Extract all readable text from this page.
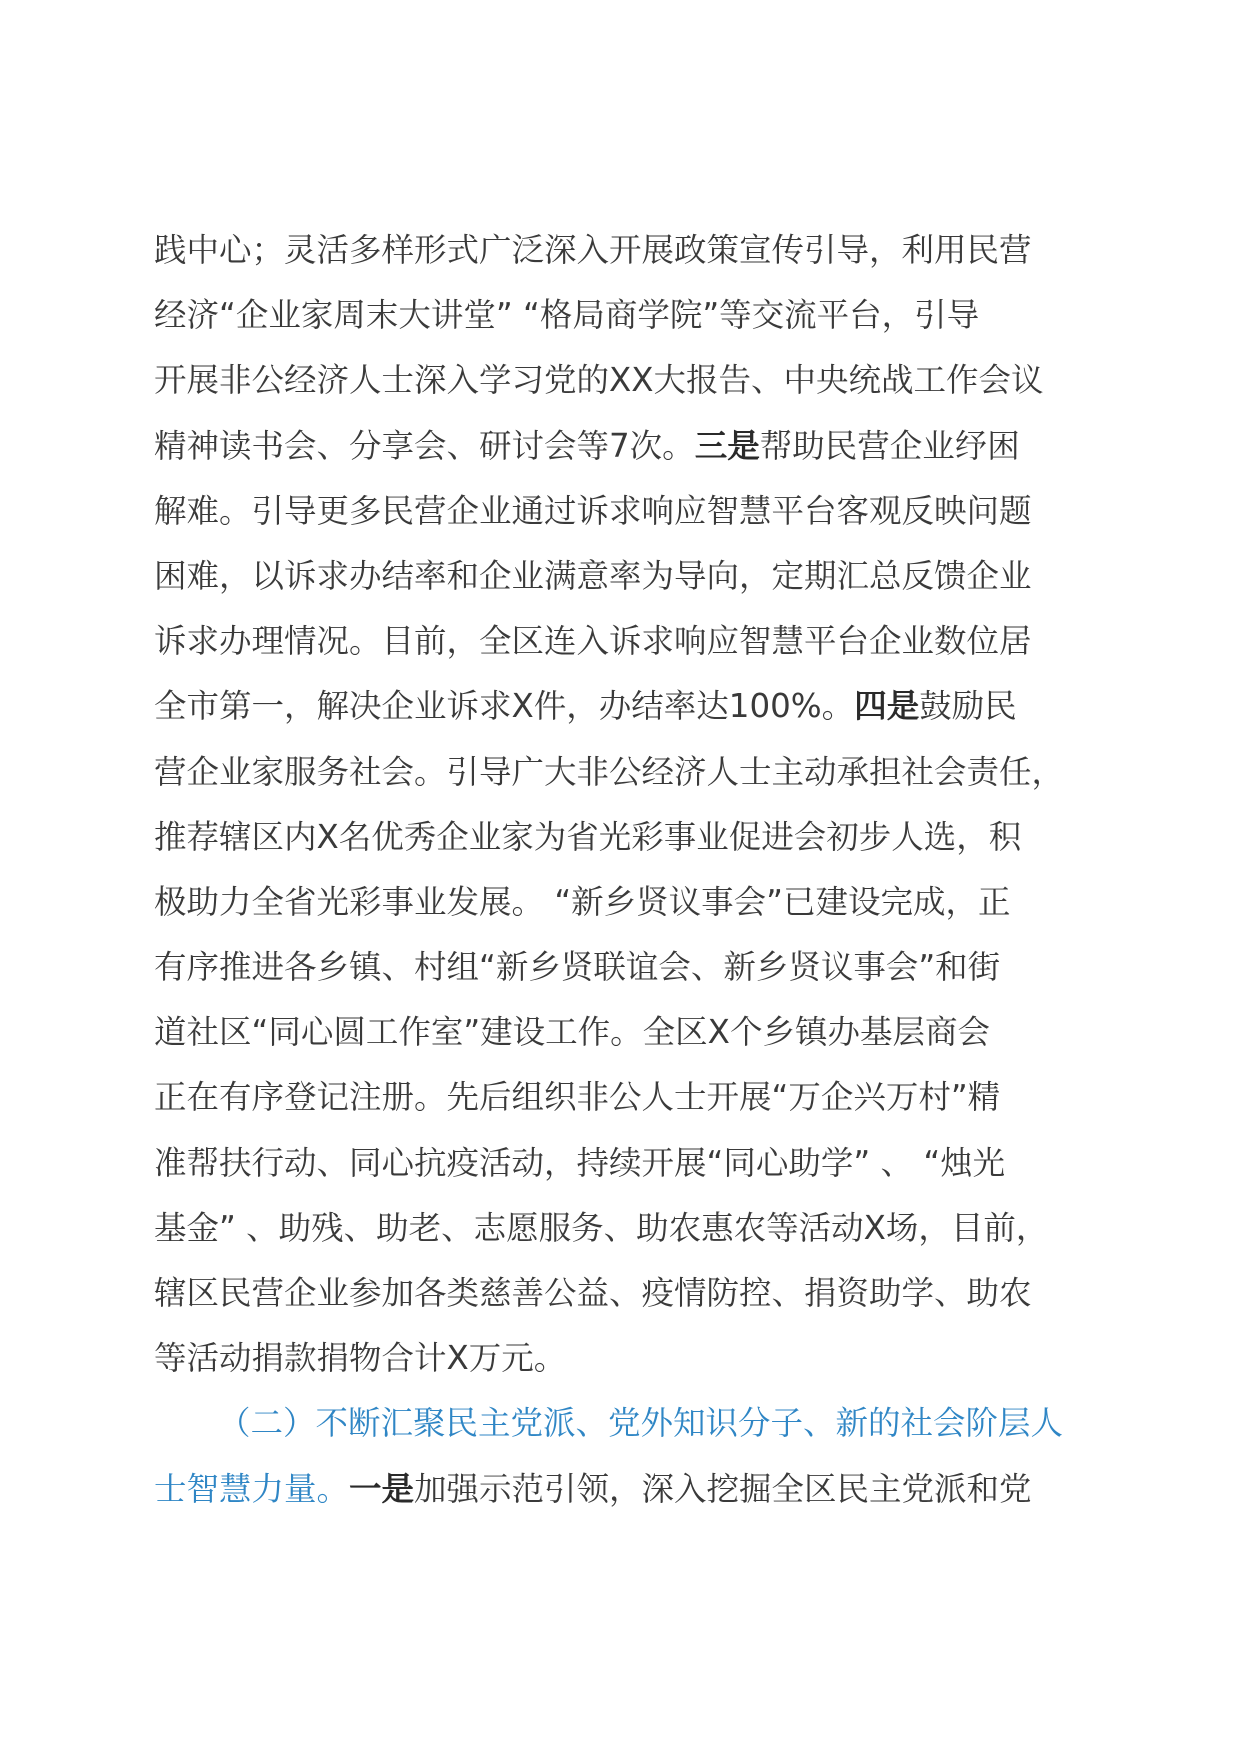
践中心；灵活多样形式广泛深入开展政策宣传引导，利用民营
经济“企业家周末大讲堂” “格局商学院”等交流平台，引导
开展非公经济人士深入学习党的XX大报告、中央统战工作会议
精神读书会、分享会、研讨会等7次。三是帮助民营企业纾困
解难。引导更多民营企业通过诉求响应智慧平台客观反映问题
困难，以诉求办结率和企业满意率为导向，定期汇总反馈企业
诉求办理情况。目前，全区连入诉求响应智慧平台企业数位居
全市第一，解决企业诉求X件，办结率达100%。四是鼓励民
营企业家服务社会。引导广大非公经济人士主动承担社会责任，
推荐辖区内X名优秀企业家为省光彩事业促进会初步人选，积
极助力全省光彩事业发展。 “新乡贤议事会”已建设完成，正
有序推进各乡镇、村组“新乡贤联谊会、新乡贤议事会”和街
道社区“同心圆工作室”建设工作。全区X个乡镇办基层商会
正在有序登记注册。先后组织非公人士开展“万企兴万村”精
准帮扶行动、同心抗疫活动，持续开展“同心助学” 、 “烛光
基金” 、助残、助老、志愿服务、助农惠农等活动X场，目前，
辖区民营企业参加各类慈善公益、疫情防控、捐资助学、助农
等活动捐款捐物合计X万元。
（二）不断汇聚民主党派、党外知识分子、新的社会阶层人
士智慧力量。一是加强示范引领，深入挖掘全区民主党派和党
